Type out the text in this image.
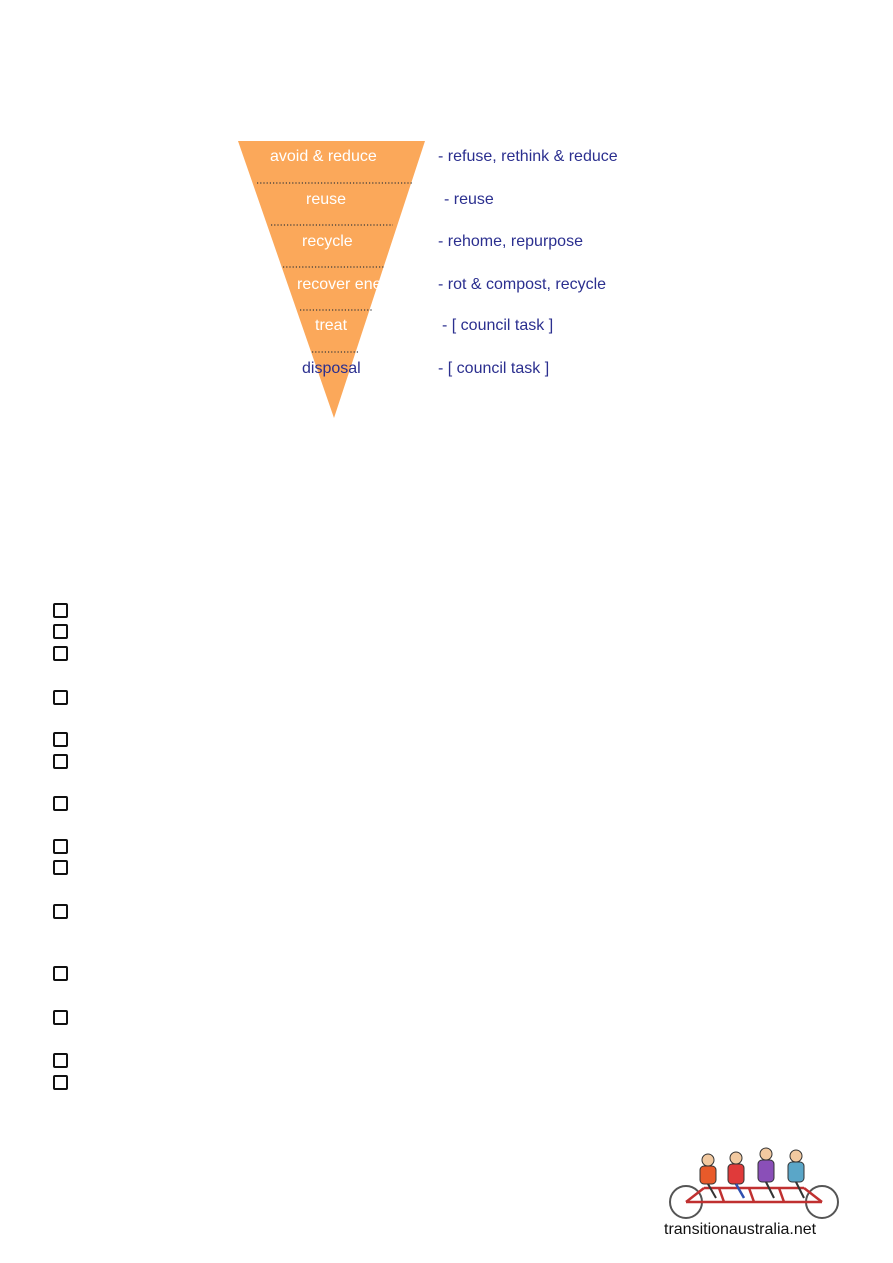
avoid & reduce
reuse
recycle
recover energy
treat
disposal
- refuse, rethink & reduce
- reuse
- rehome, repurpose
- rot & compost, recycle
- [ council task ]
- [ council task ]
transitionaustralia.net
